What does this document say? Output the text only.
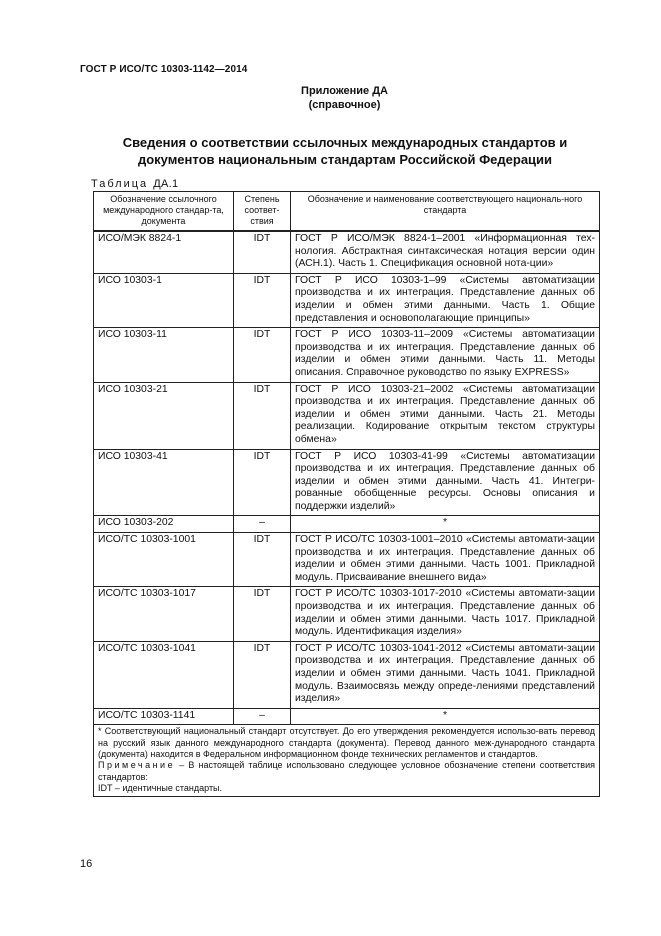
ГОСТ Р ИСО/ТС 10303-1142—2014
Приложение ДА
(справочное)
Сведения о соответствии ссылочных международных стандартов и
документов национальным стандартам Российской Федерации
Таблица ДА.1
Обозначение ссылочного международного стандар-та, документа	Степень соответ-ствия	Обозначение и наименование соответствующего националь-ного стандарта
ИСО/МЭК 8824-1	IDT	ГОСТ Р ИСО/МЭК 8824-1–2001 «Информационная тех-нология. Абстрактная синтаксическая нотация версии один (АСН.1). Часть 1. Спецификация основной нота-ции»
ИСО 10303-1	IDT	ГОСТ Р ИСО 10303-1–99 «Системы автоматизации производства и их интеграция. Представление данных об изделии и обмен этими данными. Часть 1. Общие представления и основополагающие принципы»
ИСО 10303-11	IDT	ГОСТ Р ИСО 10303-11–2009 «Системы автоматизации производства и их интеграция. Представление данных об изделии и обмен этими данными. Часть 11. Методы описания. Справочное руководство по языку EXPRESS»
ИСО 10303-21	IDT	ГОСТ Р ИСО 10303-21–2002 «Системы автоматизации производства и их интеграция. Представление данных об изделии и обмен этими данными. Часть 21. Методы реализации. Кодирование открытым текстом структуры обмена»
ИСО 10303-41	IDT	ГОСТ Р ИСО 10303-41-99 «Системы автоматизации производства и их интеграция. Представление данных об изделии и обмен этими данными. Часть 41. Интегри-рованные обобщенные ресурсы. Основы описания и поддержки изделий»
ИСО 10303-202	–	*
ИСО/ТС 10303-1001	IDT	ГОСТ Р ИСО/ТС 10303-1001–2010 «Системы автомати-зации производства и их интеграция. Представление данных об изделии и обмен этими данными. Часть 1001. Прикладной модуль. Присваивание внешнего вида»
ИСО/ТС 10303-1017	IDT	ГОСТ Р ИСО/ТС 10303-1017-2010 «Системы автомати-зации производства и их интеграция. Представление данных об изделии и обмен этими данными. Часть 1017. Прикладной модуль. Идентификация изделия»
ИСО/ТС 10303-1041	IDT	ГОСТ Р ИСО/ТС 10303-1041-2012 «Системы автомати-зации производства и их интеграция. Представление данных об изделии и обмен этими данными. Часть 1041. Прикладной модуль. Взаимосвязь между опреде-лениями представлений изделия»
ИСО/ТС 10303-1141	–	*

* Соответствующий национальный стандарт отсутствует. До его утверждения рекомендуется использо-вать перевод на русский язык данного международного стандарта (документа). Перевод данного меж-дународного стандарта (документа) находится в Федеральном информационном фонде технических регламентов и стандартов.
Примечание – В настоящей таблице использовано следующее условное обозначение степени соответствия стандартов:
IDT – идентичные стандарты.		
16
